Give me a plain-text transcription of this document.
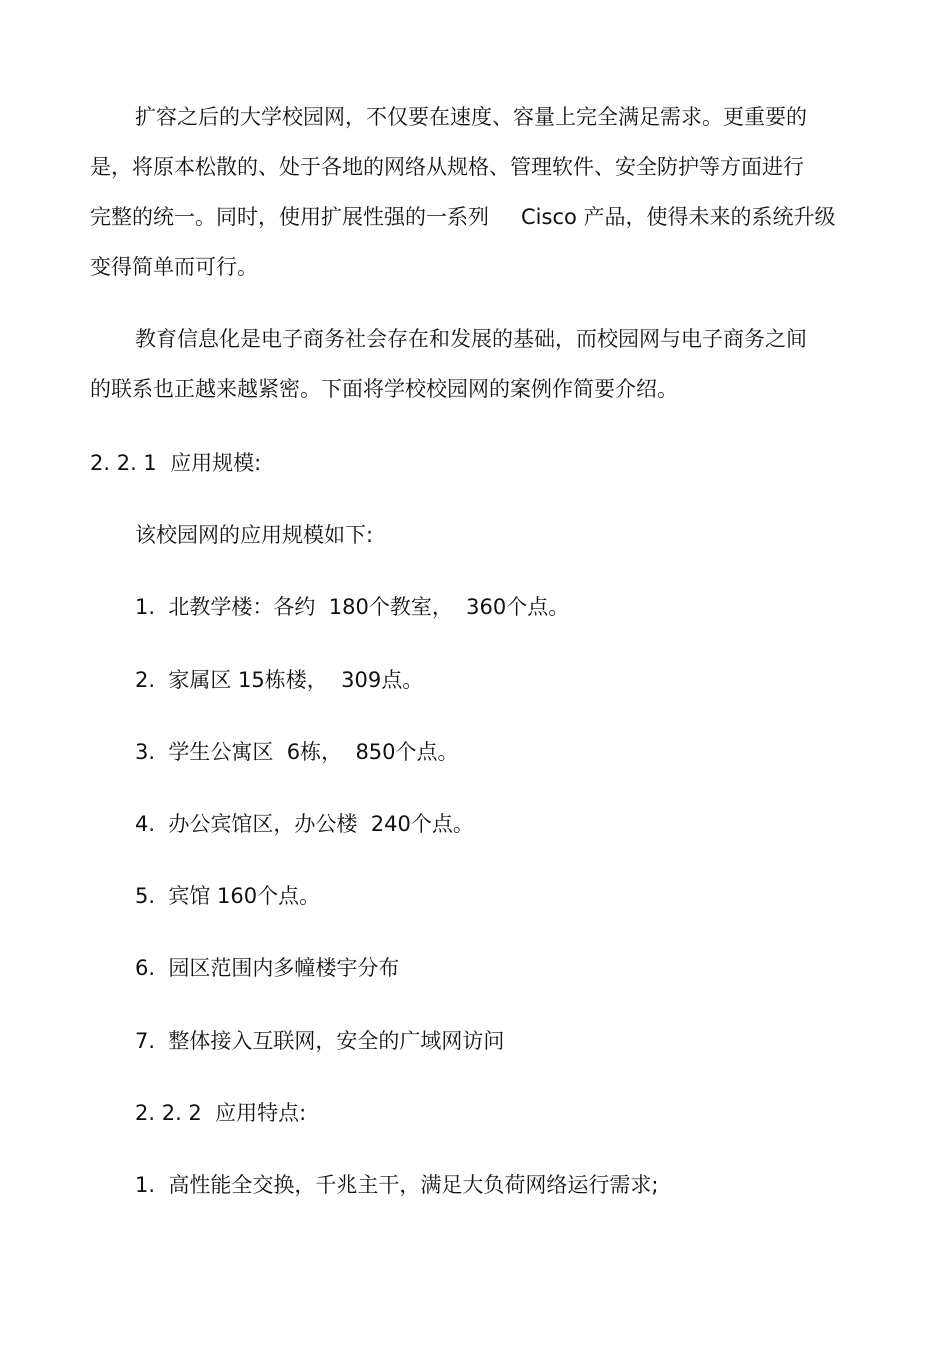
扩容之后的大学校园网，不仅要在速度、容量上完全满足需求。更重要的
是，将原本松散的、处于各地的网络从规格、管理软件、安全防护等方面进行
完整的统一。同时，使用扩展性强的一系列 Cisco 产品，使得未来的系统升级
变得简单而可行。
教育信息化是电子商务社会存在和发展的基础，而校园网与电子商务之间
的联系也正越来越紧密。下面将学校校园网的案例作简要介绍。
2. 2. 1  应用规模:
该校园网的应用规模如下:
1.  北教学楼：各约  180个教室，  360个点。
2.  家属区 15栋楼，  309点。
3.  学生公寓区  6栋，  850个点。
4.  办公宾馆区，办公楼  240个点。
5.  宾馆 160个点。
6.  园区范围内多幢楼宇分布
7.  整体接入互联网，安全的广域网访问
2. 2. 2  应用特点:
1.  高性能全交换，千兆主干，满足大负荷网络运行需求;
